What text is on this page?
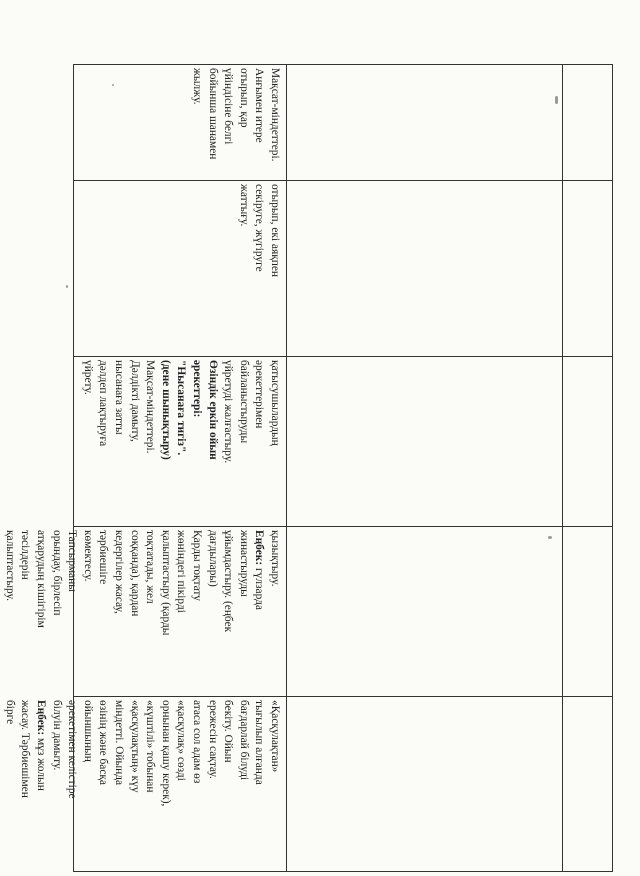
Мақсат-міндеттері.
Анғымен итере
отырып, қар
үйіндісіне белгі
бойынша шанамен
жылжу.
отырып, екі аяқпен
секіруге, жүгіруге
жаттығу.
қатысушылардың
әрекеттерімен
байланыстыруды
үйретуді жалғастыру.
Өзіндік еркін ойын
әрекеттері:
"Нысанаға тигіз".
(дене шынықтыру)
Мақсат-міндеттері.
Дәлдікті дамыту,
нысанаға затты
дәлдеп лақтыруға
үйрету.
қызықтыру.
Еңбек: гүлзарда
жинастыруды
ұйымдастыру. (еңбек
дағдылары)
Қарды тоқтату
жөніндегі пікірді
қалыптастыру (қарды
тоқтатады, жел
соққанда), қардан
кедергілер жасау,
тәрбиешіге
көмектесу.
Тапсырманы
орындау, бірлесіп
атқарудың кішігірім
тәсілдерін
қалыптастыру.
«Қасқулақтан»
тығылып алғанда
бағдарлай білуді
бекіту. Ойын
ережесін сақтау.
атаса сол адам өз
«қасқулақ» сөзді
орнынан қашу керек),
«күштілі» тобынан
«қасқулақтың» күу
міндетті. Ойында
өзінің және басқа
ойыншының
әрекетімен келістіре
білуін дамыту.
Еңбек: мұз жолын
жасау. Тәрбиешімен
бірге
